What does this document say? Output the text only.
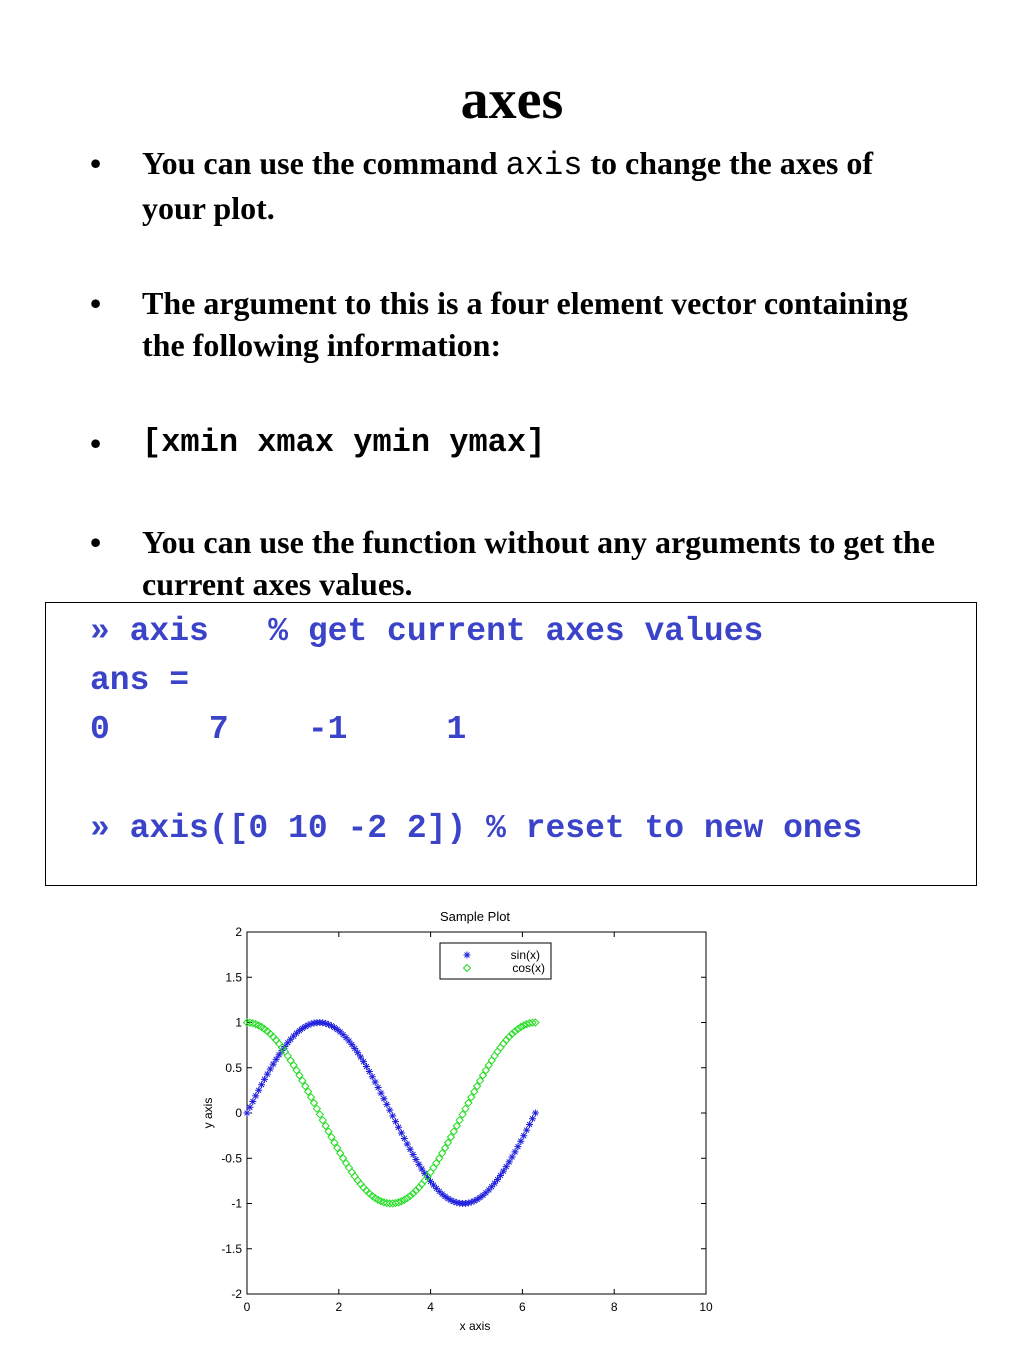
axes
• You can use the command axis to change the axes of your plot.
• The argument to this is a four element vector containing the following information:
• [xmin xmax ymin ymax]
• You can use the function without any arguments to get the current axes values.
» axis   % get current axes values
ans =
0     7    -1     1
» axis([0 10 -2 2]) % reset to new ones
Sample Plot
x axis
y axis
0	2	4	6	8	10
-2
-1.5
-1
-0.5
0
0.5
1
1.5
2
sin(x)
cos(x)
